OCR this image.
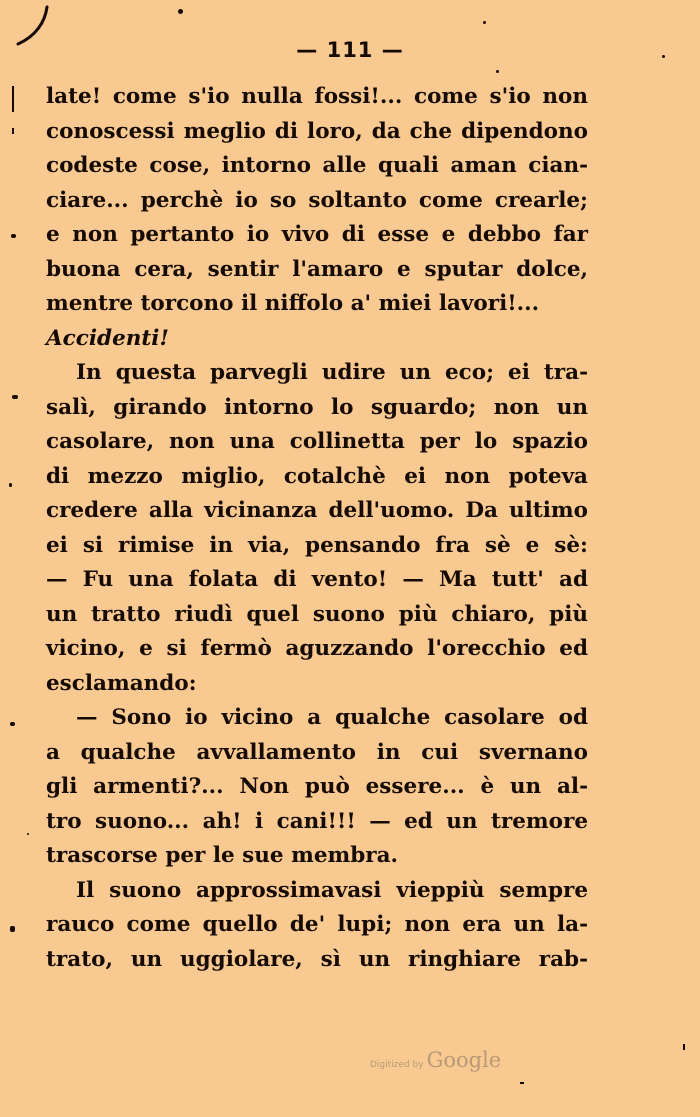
— 111 —
late! come s'io nulla fossi!... come s'io non
conoscessi meglio di loro, da che dipendono
codeste cose, intorno alle quali aman cian-
ciare... perchè io so soltanto come crearle;
e non pertanto io vivo di esse e debbo far
buona cera, sentir l'amaro e sputar dolce,
mentre torcono il niffolo a' miei lavori!...
Accidenti!
In questa parvegli udire un eco; ei tra-
salì, girando intorno lo sguardo; non un
casolare, non una collinetta per lo spazio
di mezzo miglio, cotalchè ei non poteva
credere alla vicinanza dell'uomo. Da ultimo
ei si rimise in via, pensando fra sè e sè:
— Fu una folata di vento! — Ma tutt' ad
un tratto riudì quel suono più chiaro, più
vicino, e si fermò aguzzando l'orecchio ed
esclamando:
— Sono io vicino a qualche casolare od
a qualche avvallamento in cui svernano
gli armenti?... Non può essere... è un al-
tro suono... ah! i cani!!! — ed un tremore
trascorse per le sue membra.
Il suono approssimavasi vieppiù sempre
rauco come quello de' lupi; non era un la-
trato, un uggiolare, sì un ringhiare rab-
Digitized by Google
